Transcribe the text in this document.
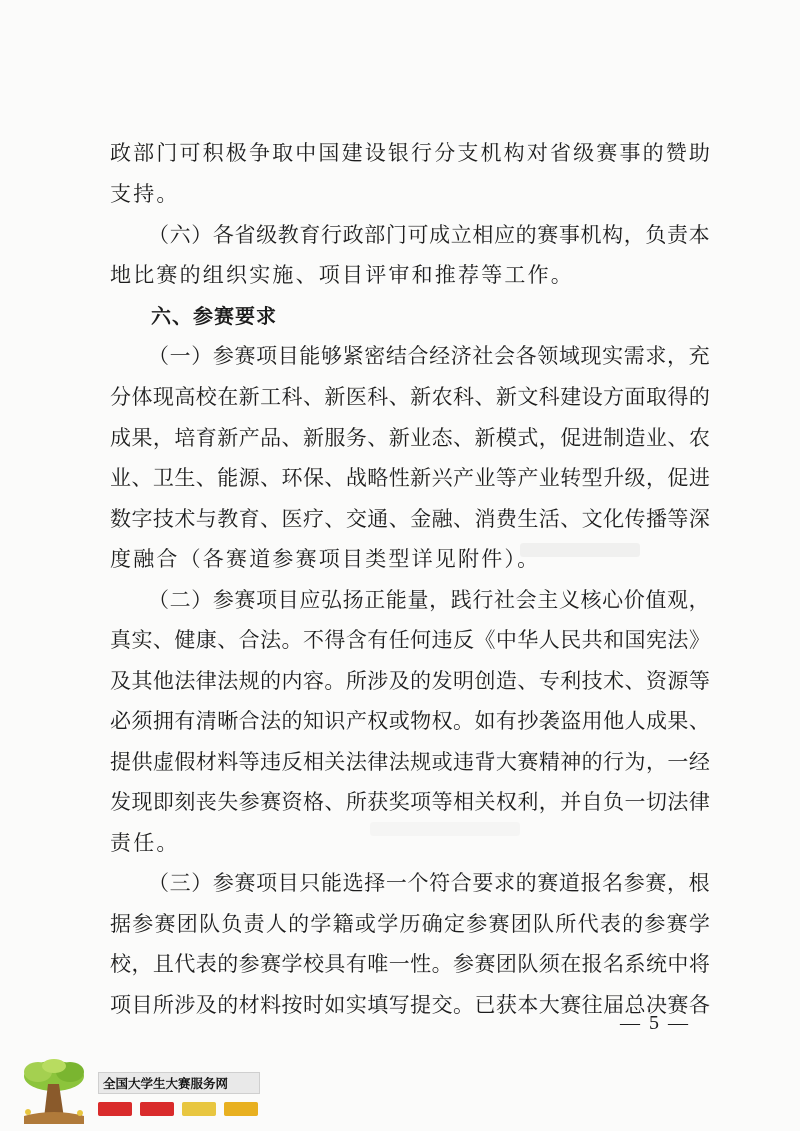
政 部 门 可 积 极 争 取 中 国 建 设 银 行 分 支 机 构 对 省 级 赛 事 的 赞 助
支持。
（ 六 ） 各 省 级 教 育 行 政 部 门 可 成 立 相 应 的 赛 事 机 构 ， 负 责 本
地比赛的组织实施、项目评审和推荐等工作。
六、参赛要求
（ 一 ） 参 赛 项 目 能 够 紧 密 结 合 经 济 社 会 各 领 域 现 实 需 求 ， 充
分 体 现 高 校 在 新 工 科 、 新 医 科 、 新 农 科 、 新 文 科 建 设 方 面 取 得 的
成 果 ， 培 育 新 产 品 、 新 服 务 、 新 业 态 、 新 模 式 ， 促 进 制 造 业 、 农
业 、 卫 生 、 能 源 、 环 保 、 战 略 性 新 兴 产 业 等 产 业 转 型 升 级 ， 促 进
数 字 技 术 与 教 育 、 医 疗 、 交 通 、 金 融 、 消 费 生 活 、 文 化 传 播 等 深
度融合（各赛道参赛项目类型详见附件）。
（ 二 ） 参 赛 项 目 应 弘 扬 正 能 量 ， 践 行 社 会 主 义 核 心 价 值 观 ，
真 实 、 健 康 、 合 法 。 不 得 含 有 任 何 违 反 《 中 华 人 民 共 和 国 宪 法 》
及 其 他 法 律 法 规 的 内 容 。 所 涉 及 的 发 明 创 造 、 专 利 技 术 、 资 源 等
必 须 拥 有 清 晰 合 法 的 知 识 产 权 或 物 权 。 如 有 抄 袭 盗 用 他 人 成 果 、
提 供 虚 假 材 料 等 违 反 相 关 法 律 法 规 或 违 背 大 赛 精 神 的 行 为 ， 一 经
发 现 即 刻 丧 失 参 赛 资 格 、 所 获 奖 项 等 相 关 权 利 ， 并 自 负 一 切 法 律
责任。
（ 三 ） 参 赛 项 目 只 能 选 择 一 个 符 合 要 求 的 赛 道 报 名 参 赛 ， 根
据 参 赛 团 队 负 责 人 的 学 籍 或 学 历 确 定 参 赛 团 队 所 代 表 的 参 赛 学
校 ， 且 代 表 的 参 赛 学 校 具 有 唯 一 性 。 参 赛 团 队 须 在 报 名 系 统 中 将
项 目 所 涉 及 的 材 料 按 时 如 实 填 写 提 交 。 已 获 本 大 赛 往 届 总 决 赛 各
— 5 —
全国大学生大赛服务网
